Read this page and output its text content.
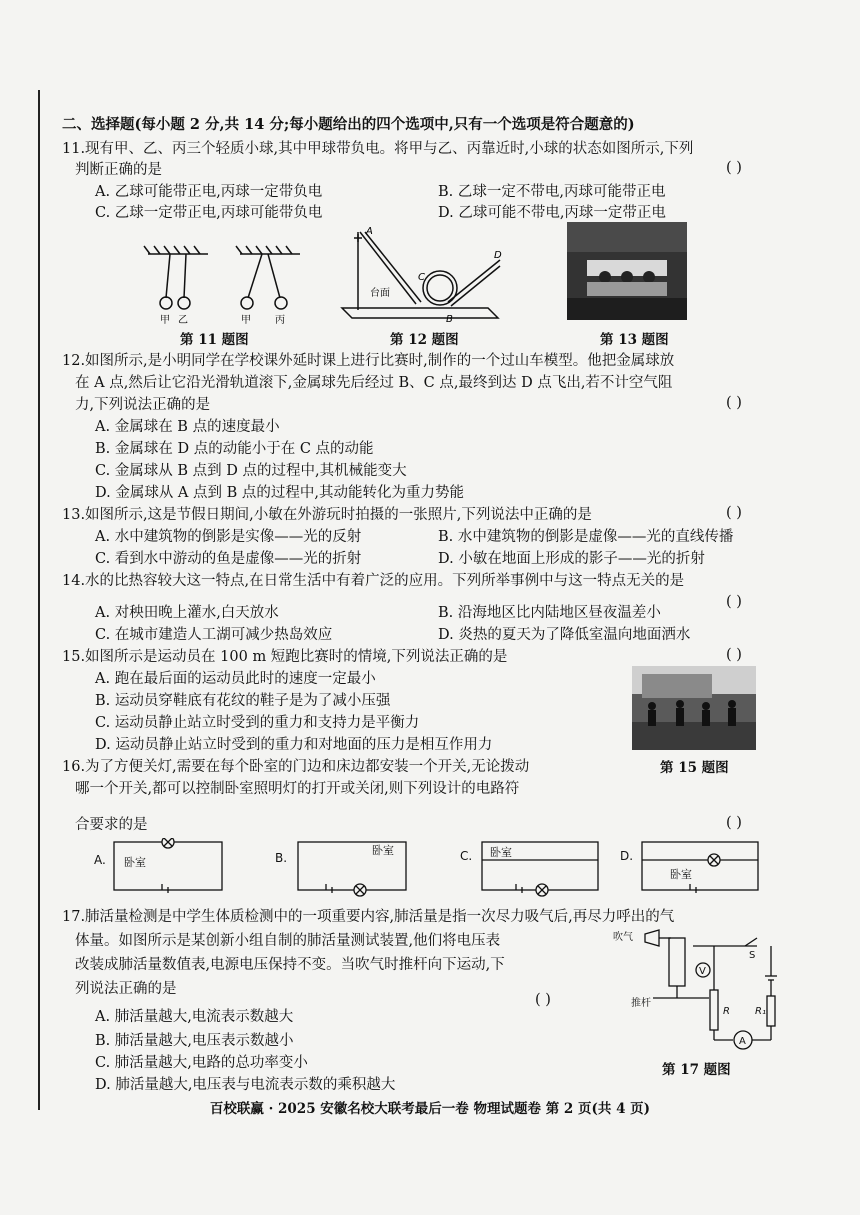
二、选择题(每小题 2 分,共 14 分;每小题给出的四个选项中,只有一个选项是符合题意的)
11.现有甲、乙、丙三个轻质小球,其中甲球带负电。将甲与乙、丙靠近时,小球的状态如图所示,下列
判断正确的是	( )
A. 乙球可能带正电,丙球一定带负电	B. 乙球一定不带电,丙球可能带正电
C. 乙球一定带正电,丙球可能带负电	D. 乙球可能不带电,丙球一定带正电
甲 乙	甲 丙
第 11 题图
A
B
C
D
台面
第 12 题图	第 13 题图
12.如图所示,是小明同学在学校课外延时课上进行比赛时,制作的一个过山车模型。他把金属球放
在 A 点,然后让它沿光滑轨道滚下,金属球先后经过 B、C 点,最终到达 D 点飞出,若不计空气阻
力,下列说法正确的是	( )
A. 金属球在 B 点的速度最小
B. 金属球在 D 点的动能小于在 C 点的动能
C. 金属球从 B 点到 D 点的过程中,其机械能变大
D. 金属球从 A 点到 B 点的过程中,其动能转化为重力势能
13.如图所示,这是节假日期间,小敏在外游玩时拍摄的一张照片,下列说法中正确的是	( )
A. 水中建筑物的倒影是实像——光的反射	B. 水中建筑物的倒影是虚像——光的直线传播
C. 看到水中游动的鱼是虚像——光的折射	D. 小敏在地面上形成的影子——光的折射
14.水的比热容较大这一特点,在日常生活中有着广泛的应用。下列所举事例中与这一特点无关的是
( )
A. 对秧田晚上灌水,白天放水	B. 沿海地区比内陆地区昼夜温差小
C. 在城市建造人工湖可减少热岛效应	D. 炎热的夏天为了降低室温向地面洒水
15.如图所示是运动员在 100 m 短跑比赛时的情境,下列说法正确的是	( )
A. 跑在最后面的运动员此时的速度一定最小
B. 运动员穿鞋底有花纹的鞋子是为了减小压强
C. 运动员静止站立时受到的重力和支持力是平衡力
D. 运动员静止站立时受到的重力和对地面的压力是相互作用力
第 15 题图
16.为了方便关灯,需要在每个卧室的门边和床边都安装一个开关,无论拨动
哪一个开关,都可以控制卧室照明灯的打开或关闭,则下列设计的电路符
合要求的是	( )
A.	B.	C.	D.
卧室
卧室	卧室
卧室
17.肺活量检测是中学生体质检测中的一项重要内容,肺活量是指一次尽力吸气后,再尽力呼出的气
体量。如图所示是某创新小组自制的肺活量测试装置,他们将电压表
改装成肺活量数值表,电源电压保持不变。当吹气时推杆向下运动,下
列说法正确的是
( )
A. 肺活量越大,电流表示数越大
B. 肺活量越大,电压表示数越小
C. 肺活量越大,电路的总功率变小
D. 肺活量越大,电压表与电流表示数的乘积越大
吹气
推杆
S
R	R₁
V
A
第 17 题图
百校联赢 · 2025 安徽名校大联考最后一卷 物理试题卷 第 2 页(共 4 页)
